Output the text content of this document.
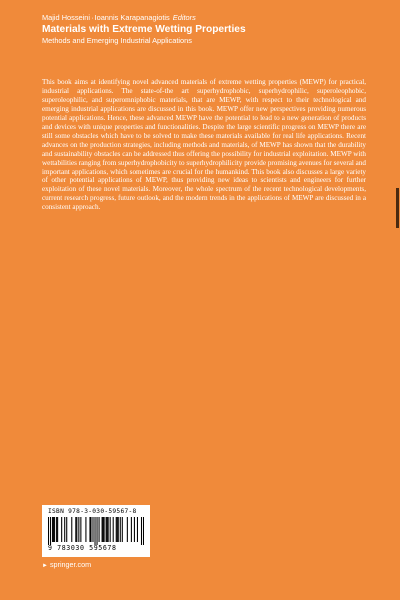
Majid Hosseini·Ioannis Karapanagiotis Editors
Materials with Extreme Wetting Properties
Methods and Emerging Industrial Applications
This book aims at identifying novel advanced materials of extreme wetting properties (MEWP) for practical, industrial applications. The state-of-the art superhydrophobic, superhydrophilic, superoleophobic, superoleophilic, and superomniphobic materials, that are MEWP, with respect to their technological and emerging industrial applications are discussed in this book. MEWP offer new perspectives providing numerous potential applications. Hence, these advanced MEWP have the potential to lead to a new generation of products and devices with unique properties and functionalities. Despite the large scientific progress on MEWP there are still some obstacles which have to be solved to make these materials available for real life applications. Recent advances on the production strategies, including methods and materials, of MEWP has shown that the durability and sustainability obstacles can be addressed thus offering the possibility for industrial exploitation. MEWP with wettabilities ranging from superhydrophobicity to superhydrophilicity provide promising avenues for several and important applications, which sometimes are crucial for the humankind. This book also discusses a large variety of other potential applications of MEWP, thus providing new ideas to scientists and engineers for further exploitation of these novel materials. Moreover, the whole spectrum of the recent technological developments, current research progress, future outlook, and the modern trends in the applications of MEWP are discussed in a consistent approach.
ISBN 978-3-030-59567-8
9 783030 595678
► springer.com
